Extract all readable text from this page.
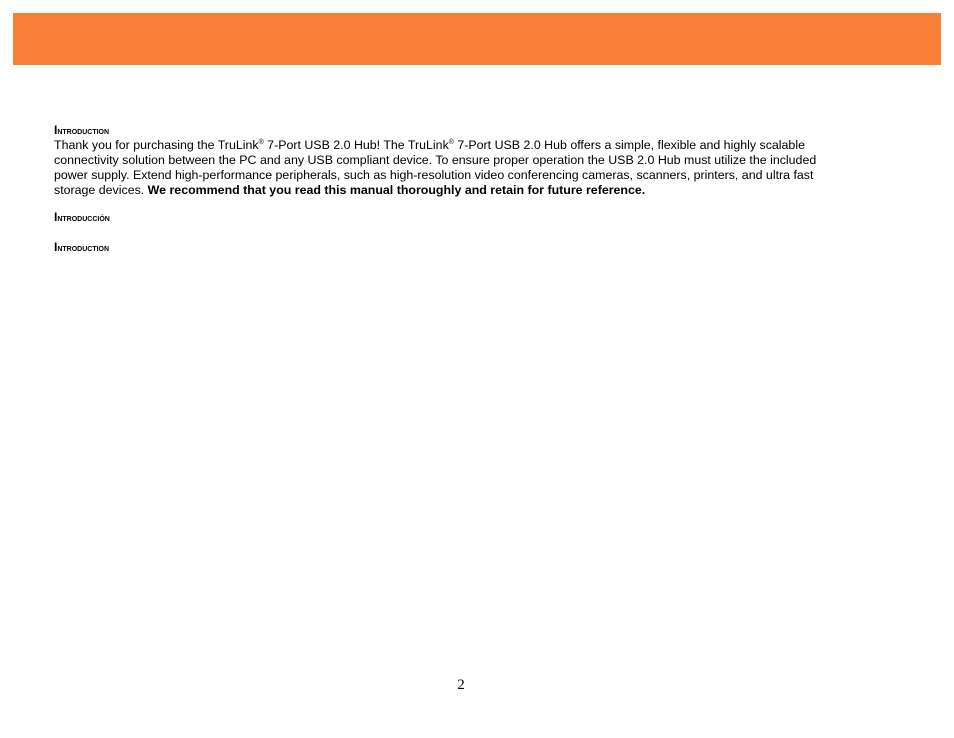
Introduction
Thank you for purchasing the TruLink® 7-Port USB 2.0 Hub! The TruLink® 7-Port USB 2.0 Hub offers a simple, flexible and highly scalable
connectivity solution between the PC and any USB compliant device. To ensure proper operation the USB 2.0 Hub must utilize the included
power supply. Extend high-performance peripherals, such as high-resolution video conferencing cameras, scanners, printers, and ultra fast
storage devices. We recommend that you read this manual thoroughly and retain for future reference.
Introducción
Introduction
2
